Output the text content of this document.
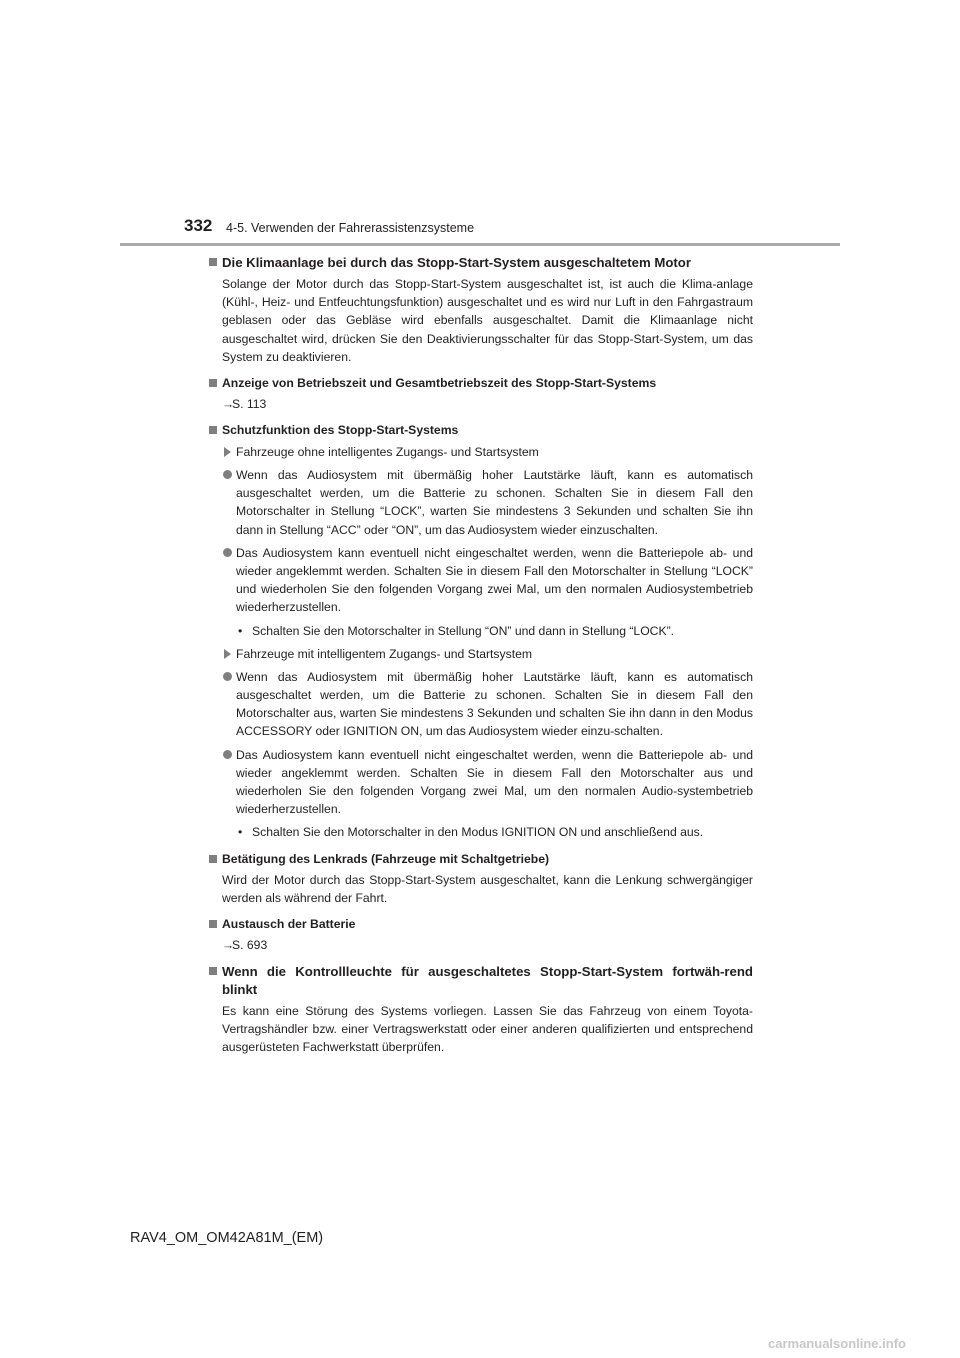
332 4-5. Verwenden der Fahrerassistenzsysteme
Die Klimaanlage bei durch das Stopp-Start-System ausgeschaltetem Motor
Solange der Motor durch das Stopp-Start-System ausgeschaltet ist, ist auch die Klima-anlage (Kühl-, Heiz- und Entfeuchtungsfunktion) ausgeschaltet und es wird nur Luft in den Fahrgastraum geblasen oder das Gebläse wird ebenfalls ausgeschaltet. Damit die Klimaanlage nicht ausgeschaltet wird, drücken Sie den Deaktivierungsschalter für das Stopp-Start-System, um das System zu deaktivieren.
Anzeige von Betriebszeit und Gesamtbetriebszeit des Stopp-Start-Systems
→S. 113
Schutzfunktion des Stopp-Start-Systems
Fahrzeuge ohne intelligentes Zugangs- und Startsystem
Wenn das Audiosystem mit übermäßig hoher Lautstärke läuft, kann es automatisch ausgeschaltet werden, um die Batterie zu schonen. Schalten Sie in diesem Fall den Motorschalter in Stellung “LOCK”, warten Sie mindestens 3 Sekunden und schalten Sie ihn dann in Stellung “ACC” oder “ON”, um das Audiosystem wieder einzuschalten.
Das Audiosystem kann eventuell nicht eingeschaltet werden, wenn die Batteriepole ab- und wieder angeklemmt werden. Schalten Sie in diesem Fall den Motorschalter in Stellung “LOCK” und wiederholen Sie den folgenden Vorgang zwei Mal, um den normalen Audiosystembetrieb wiederherzustellen.
• Schalten Sie den Motorschalter in Stellung “ON” und dann in Stellung “LOCK”.
Fahrzeuge mit intelligentem Zugangs- und Startsystem
Wenn das Audiosystem mit übermäßig hoher Lautstärke läuft, kann es automatisch ausgeschaltet werden, um die Batterie zu schonen. Schalten Sie in diesem Fall den Motorschalter aus, warten Sie mindestens 3 Sekunden und schalten Sie ihn dann in den Modus ACCESSORY oder IGNITION ON, um das Audiosystem wieder einzu-schalten.
Das Audiosystem kann eventuell nicht eingeschaltet werden, wenn die Batteriepole ab- und wieder angeklemmt werden. Schalten Sie in diesem Fall den Motorschalter aus und wiederholen Sie den folgenden Vorgang zwei Mal, um den normalen Audio-systembetrieb wiederherzustellen.
• Schalten Sie den Motorschalter in den Modus IGNITION ON und anschließend aus.
Betätigung des Lenkrads (Fahrzeuge mit Schaltgetriebe)
Wird der Motor durch das Stopp-Start-System ausgeschaltet, kann die Lenkung schwergängiger werden als während der Fahrt.
Austausch der Batterie
→S. 693
Wenn die Kontrollleuchte für ausgeschaltetes Stopp-Start-System fortwäh-rend blinkt
Es kann eine Störung des Systems vorliegen. Lassen Sie das Fahrzeug von einem Toyota-Vertragshändler bzw. einer Vertragswerkstatt oder einer anderen qualifizierten und entsprechend ausgerüsteten Fachwerkstatt überprüfen.
RAV4_OM_OM42A81M_(EM)
carmanualsonline.info
